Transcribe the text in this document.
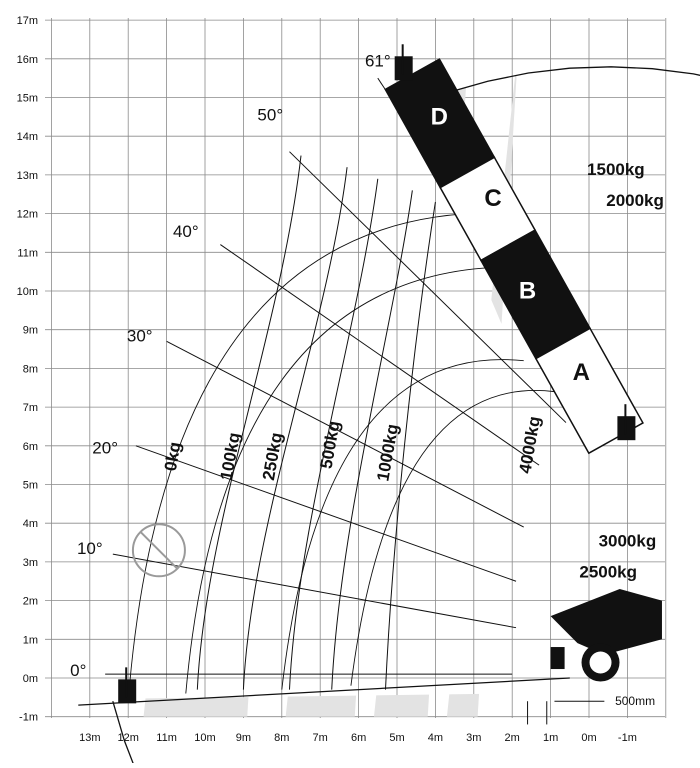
0°
10°
20°
30°
40°
50°
61°
A
B
C
D
0kg 100kg 250kg 500kg 1000kg	4000kg
1500kg
2000kg
3000kg
2500kg
-1m
0m
1m
2m
3m
4m
5m
6m
7m
8m
9m
10m
11m
12m
13m
14m
15m
16m
17m
13m 12m 11m 10m 9m 8m 7m 6m 5m 4m 3m 2m 1m 0m -1m
500mm
